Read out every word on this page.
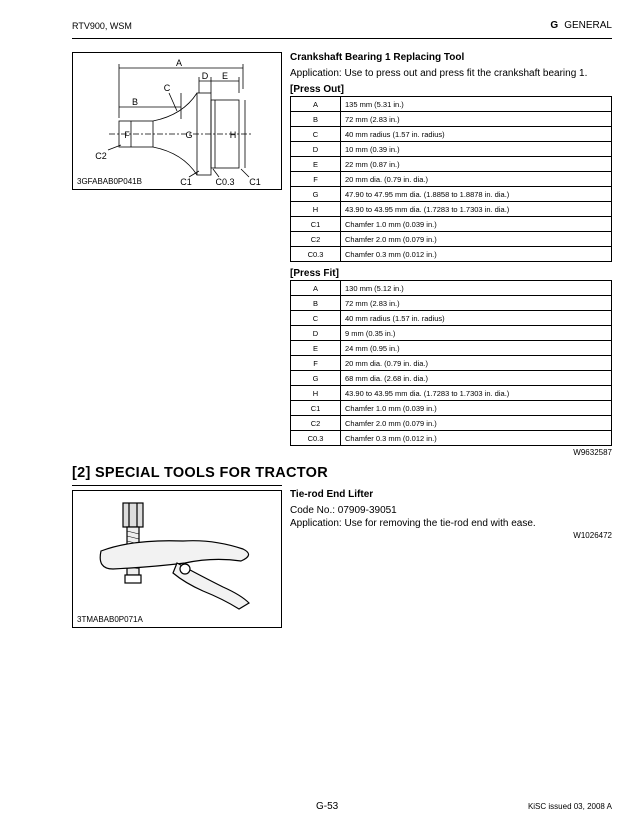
RTV900, WSM	G GENERAL
A
B
C
D E
F	G	H
C2
C1	C0.3 C1
3GFABAB0P041B
Crankshaft Bearing 1 Replacing Tool
Application: Use to press out and press fit the crankshaft bearing 1.
[Press Out]
A	135 mm (5.31 in.)
B	72 mm (2.83 in.)
C	40 mm radius (1.57 in. radius)
D	10 mm (0.39 in.)
E	22 mm (0.87 in.)
F	20 mm dia. (0.79 in. dia.)
G	47.90 to 47.95 mm dia. (1.8858 to 1.8878 in. dia.)
H	43.90 to 43.95 mm dia. (1.7283 to 1.7303 in. dia.)
C1	Chamfer 1.0 mm (0.039 in.)
C2	Chamfer 2.0 mm (0.079 in.)
C0.3	Chamfer 0.3 mm (0.012 in.)
[Press Fit]
A	130 mm (5.12 in.)
B	72 mm (2.83 in.)
C	40 mm radius (1.57 in. radius)
D	9 mm (0.35 in.)
E	24 mm (0.95 in.)
F	20 mm dia. (0.79 in. dia.)
G	68 mm dia. (2.68 in. dia.)
H	43.90 to 43.95 mm dia. (1.7283 to 1.7303 in. dia.)
C1	Chamfer 1.0 mm (0.039 in.)
C2	Chamfer 2.0 mm (0.079 in.)
C0.3	Chamfer 0.3 mm (0.012 in.)
W9632587
[2] SPECIAL TOOLS FOR TRACTOR
3TMABAB0P071A
Tie-rod End Lifter
Code No.: 07909-39051
Application: Use for removing the tie-rod end with ease.
W1026472
G-53	KiSC issued 03, 2008 A
